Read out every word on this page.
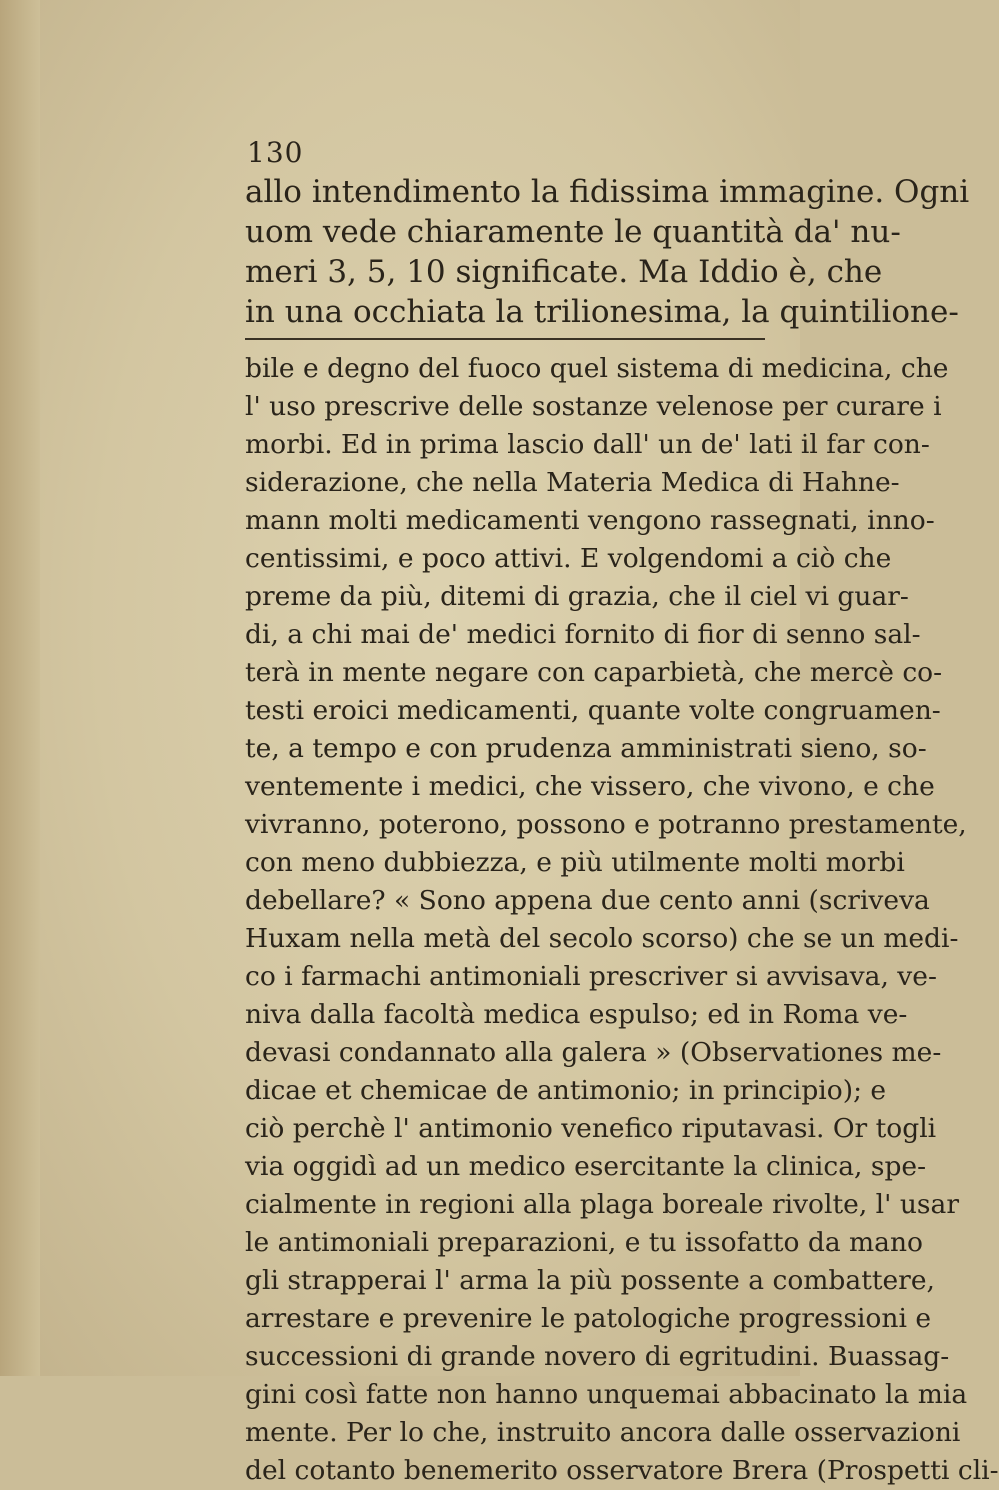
130
allo intendimento la fidissima immagine. Ogni
uom vede chiaramente le quantità da' nu-
meri 3, 5, 10 significate. Ma Iddio è, che
in una occhiata la trilionesima, la quintilione-
bile e degno del fuoco quel sistema di medicina, che
l' uso prescrive delle sostanze velenose per curare i
morbi. Ed in prima lascio dall' un de' lati il far con-
siderazione, che nella Materia Medica di Hahne-
mann molti medicamenti vengono rassegnati, inno-
centissimi, e poco attivi. E volgendomi a ciò che
preme da più, ditemi di grazia, che il ciel vi guar-
di, a chi mai de' medici fornito di fior di senno sal-
terà in mente negare con caparbietà, che mercè co-
testi eroici medicamenti, quante volte congruamen-
te, a tempo e con prudenza amministrati sieno, so-
ventemente i medici, che vissero, che vivono, e che
vivranno, poterono, possono e potranno prestamente,
con meno dubbiezza, e più utilmente molti morbi
debellare? « Sono appena due cento anni (scriveva
Huxam nella metà del secolo scorso) che se un medi-
co i farmachi antimoniali prescriver si avvisava, ve-
niva dalla facoltà medica espulso; ed in Roma ve-
devasi condannato alla galera » (Observationes me-
dicae et chemicae de antimonio; in principio); e
ciò perchè l' antimonio venefico riputavasi. Or togli
via oggidì ad un medico esercitante la clinica, spe-
cialmente in regioni alla plaga boreale rivolte, l' usar
le antimoniali preparazioni, e tu issofatto da mano
gli strapperai l' arma la più possente a combattere,
arrestare e prevenire le patologiche progressioni e
successioni di grande novero di egritudini. Buassag-
gini così fatte non hanno unquemai abbacinato la mia
mente. Per lo che, instruito ancora dalle osservazioni
del cotanto benemerito osservatore Brera (Prospetti cli-
